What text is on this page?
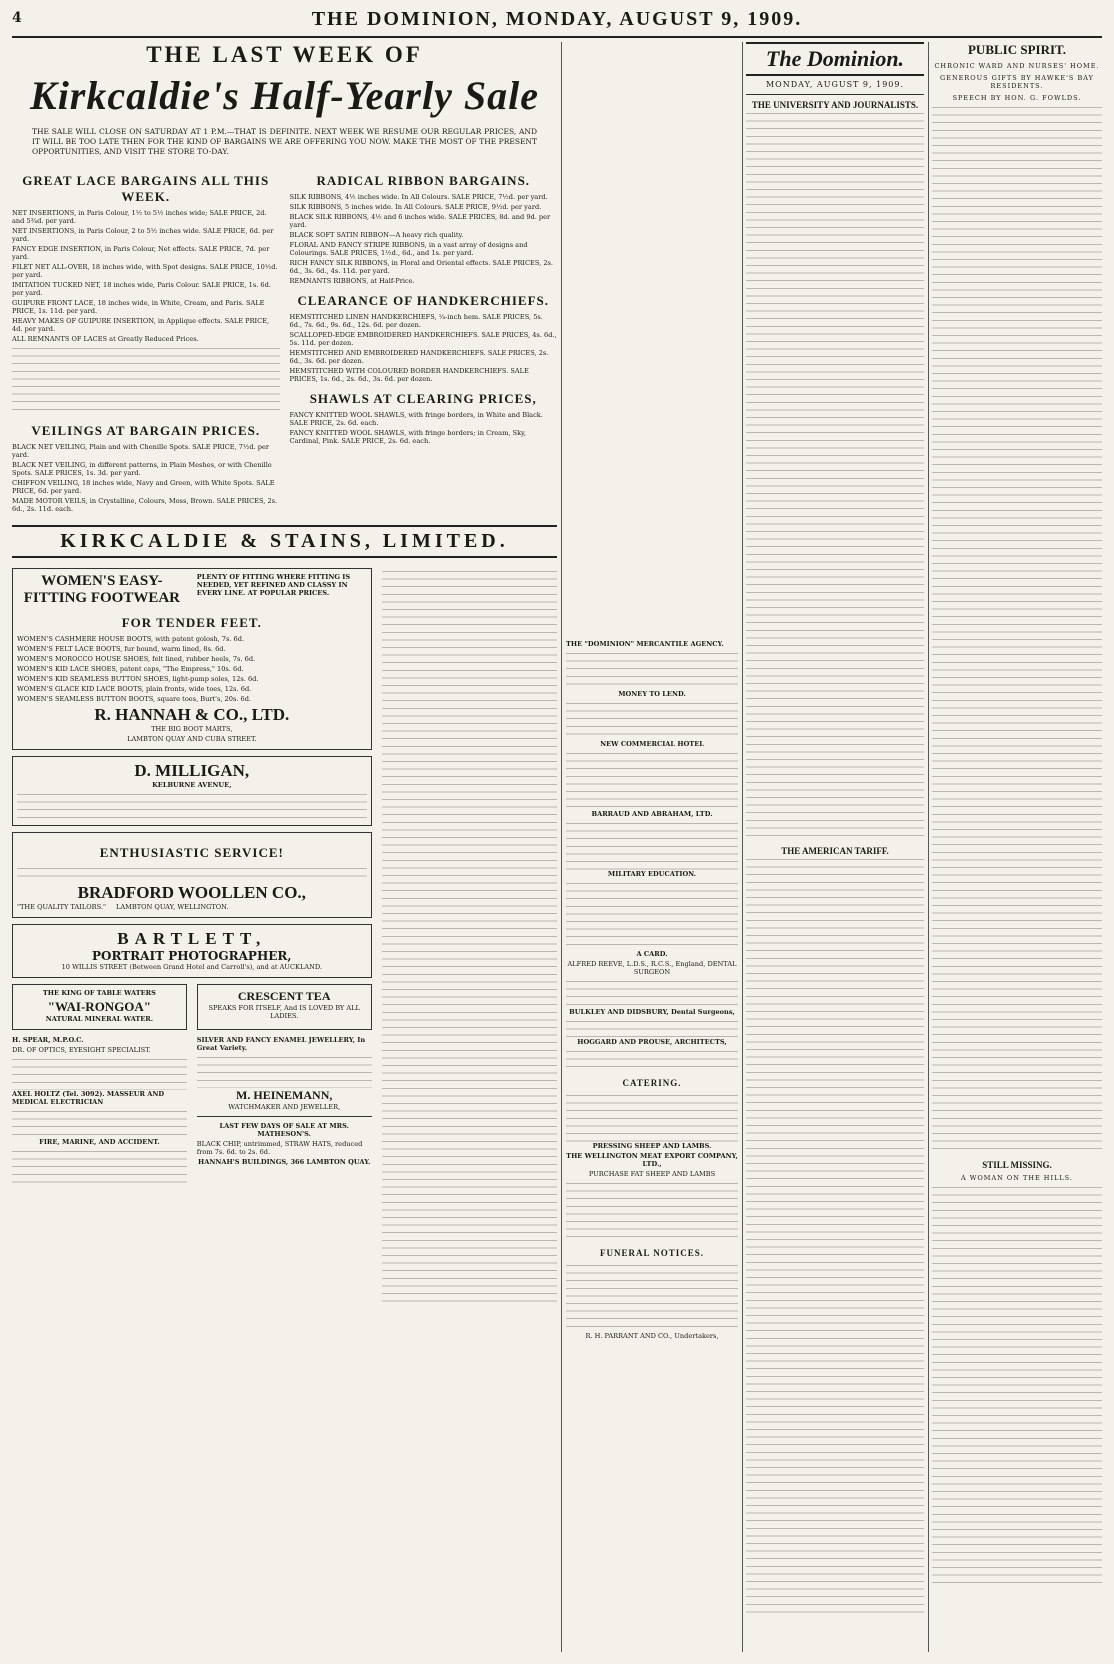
4	THE DOMINION, MONDAY, AUGUST 9, 1909.
THE LAST WEEK OF
Kirkcaldie's Half-Yearly Sale

THE SALE WILL CLOSE ON SATURDAY AT 1 P.M.—THAT IS DEFINITE. NEXT WEEK WE RESUME OUR REGULAR PRICES, AND IT WILL BE TOO LATE THEN FOR THE KIND OF BARGAINS WE ARE OFFERING YOU NOW. MAKE THE MOST OF THE PRESENT OPPORTUNITIES, AND VISIT THE STORE TO-DAY.

GREAT LACE BARGAINS ALL THIS WEEK.

NET INSERTIONS, in Paris Colour, 1½ to 5½ inches wide; SALE PRICE, 2d. and 5¾d. per yard.

NET INSERTIONS, in Paris Colour, 2 to 5½ inches wide. SALE PRICE, 6d. per yard.

FANCY EDGE INSERTION, in Paris Colour, Net effects. SALE PRICE, 7d. per yard.

FILET NET ALL-OVER, 18 inches wide, with Spot designs. SALE PRICE, 10½d. per yard.

IMITATION TUCKED NET, 18 inches wide, Paris Colour. SALE PRICE, 1s. 6d. per yard.

GUIPURE FRONT LACE, 18 inches wide, in White, Cream, and Paris. SALE PRICE, 1s. 11d. per yard.

HEAVY MAKES OF GUIPURE INSERTION, in Applique effects. SALE PRICE, 4d. per yard.

ALL REMNANTS OF LACES at Greatly Reduced Prices.

VEILINGS AT BARGAIN PRICES.

BLACK NET VEILING, Plain and with Chenille Spots. SALE PRICE, 7½d. per yard.

BLACK NET VEILING, in different patterns, in Plain Meshes, or with Chenille Spots. SALE PRICES, 1s. 3d. per yard.

CHIFFON VEILING, 18 inches wide, Navy and Green, with White Spots. SALE PRICE, 6d. per yard.

MADE MOTOR VEILS, in Crystalline, Colours, Moss, Brown. SALE PRICES, 2s. 6d., 2s. 11d. each.

RADICAL RIBBON BARGAINS.

SILK RIBBONS, 4½ inches wide. In All Colours. SALE PRICE, 7½d. per yard.

SILK RIBBONS, 5 inches wide. In All Colours. SALE PRICE, 9½d. per yard.

BLACK SILK RIBBONS, 4½ and 6 inches wide. SALE PRICES, 8d. and 9d. per yard.

BLACK SOFT SATIN RIBBON—A heavy rich quality.

FLORAL AND FANCY STRIPE RIBBONS, in a vast array of designs and Colourings. SALE PRICES, 1½d., 6d., and 1s. per yard.

RICH FANCY SILK RIBBONS, in Floral and Oriental effects. SALE PRICES, 2s. 6d., 3s. 6d., 4s. 11d. per yard.

REMNANTS RIBBONS, at Half-Price.

CLEARANCE OF HANDKERCHIEFS.

HEMSTITCHED LINEN HANDKERCHIEFS, ¼-inch hem. SALE PRICES, 5s. 6d., 7s. 6d., 9s. 6d., 12s. 6d. per dozen.

SCALLOPED-EDGE EMBROIDERED HANDKERCHIEFS. SALE PRICES, 4s. 6d., 5s. 11d. per dozen.

HEMSTITCHED AND EMBROIDERED HANDKERCHIEFS. SALE PRICES, 2s. 6d., 3s. 6d. per dozen.

HEMSTITCHED WITH COLOURED BORDER HANDKERCHIEFS. SALE PRICES, 1s. 6d., 2s. 6d., 3s. 6d. per dozen.

SHAWLS AT CLEARING PRICES,

FANCY KNITTED WOOL SHAWLS, with fringe borders, in White and Black. SALE PRICE, 2s. 6d. each.

FANCY KNITTED WOOL SHAWLS, with fringe borders; in Cream, Sky, Cardinal, Pink. SALE PRICE, 2s. 6d. each.

KIRKCALDIE & STAINS, LIMITED.
WOMEN'S EASY-FITTING FOOTWEAR
PLENTY OF FITTING WHERE FITTING IS NEEDED, YET REFINED AND CLASSY IN EVERY LINE. AT POPULAR PRICES.
FOR TENDER FEET.

WOMEN'S CASHMERE HOUSE BOOTS, with patent golosh, 7s. 6d.

WOMEN'S FELT LACE BOOTS, fur bound, warm lined, 8s. 6d.

WOMEN'S MOROCCO HOUSE SHOES, felt lined, rubber heels, 7s. 6d.

WOMEN'S KID LACE SHOES, patent caps, "The Empress," 10s. 6d.

WOMEN'S KID SEAMLESS BUTTON SHOES, light-pump soles, 12s. 6d.

WOMEN'S GLACE KID LACE BOOTS, plain fronts, wide toes, 12s. 6d.

WOMEN'S SEAMLESS BUTTON BOOTS, square toes, Burt's, 20s. 6d.

R. HANNAH & CO., LTD.
THE BIG BOOT MARTS,
LAMBTON QUAY AND CUBA STREET.
D. MILLIGAN,
KELBURNE AVENUE,
ENTHUSIASTIC SERVICE!
BRADFORD WOOLLEN CO.,
"THE QUALITY TAILORS." LAMBTON QUAY, WELLINGTON.
BARTLETT,
PORTRAIT PHOTOGRAPHER,
10 WILLIS STREET (Between Grand Hotel and Carroll's), and at AUCKLAND.
THE KING OF TABLE WATERS
"WAI-RONGOA"
NATURAL MINERAL WATER.
CRESCENT TEA
SPEAKS FOR ITSELF, And IS LOVED BY ALL LADIES.
H. SPEAR, M.P.O.C.
DR. OF OPTICS, EYESIGHT SPECIALIST.
AXEL HOLTZ (Tel. 3092). MASSEUR AND MEDICAL ELECTRICIAN
FIRE, MARINE, AND ACCIDENT.
SILVER AND FANCY ENAMEL JEWELLERY, In Great Variety.
M. HEINEMANN,
WATCHMAKER AND JEWELLER,
LAST FEW DAYS OF SALE AT MRS. MATHESON'S.
BLACK CHIP, untrimmed, STRAW HATS, reduced from 7s. 6d. to 2s. 6d.
HANNAH'S BUILDINGS, 366 LAMBTON QUAY.
THE "DOMINION" MERCANTILE AGENCY.
MONEY TO LEND.
NEW COMMERCIAL HOTEL
BARRAUD AND ABRAHAM, LTD.
MILITARY EDUCATION.
A CARD.
ALFRED REEVE, L.D.S., R.C.S., England, DENTAL SURGEON
BULKLEY AND DIDSBURY, Dental Surgeons,
HOGGARD AND PROUSE, ARCHITECTS,
CATERING.
PRESSING SHEEP AND LAMBS.
THE WELLINGTON MEAT EXPORT COMPANY, LTD.,
PURCHASE FAT SHEEP AND LAMBS
FUNERAL NOTICES.
R. H. PARRANT AND CO., Undertakers,
The Dominion.
MONDAY, AUGUST 9, 1909.
THE UNIVERSITY AND JOURNALISTS.
THE AMERICAN TARIFF.
PUBLIC SPIRIT.
CHRONIC WARD AND NURSES' HOME.
GENEROUS GIFTS BY HAWKE'S BAY RESIDENTS.
SPEECH BY HON. G. FOWLDS.
STILL MISSING.
A WOMAN ON THE HILLS.
